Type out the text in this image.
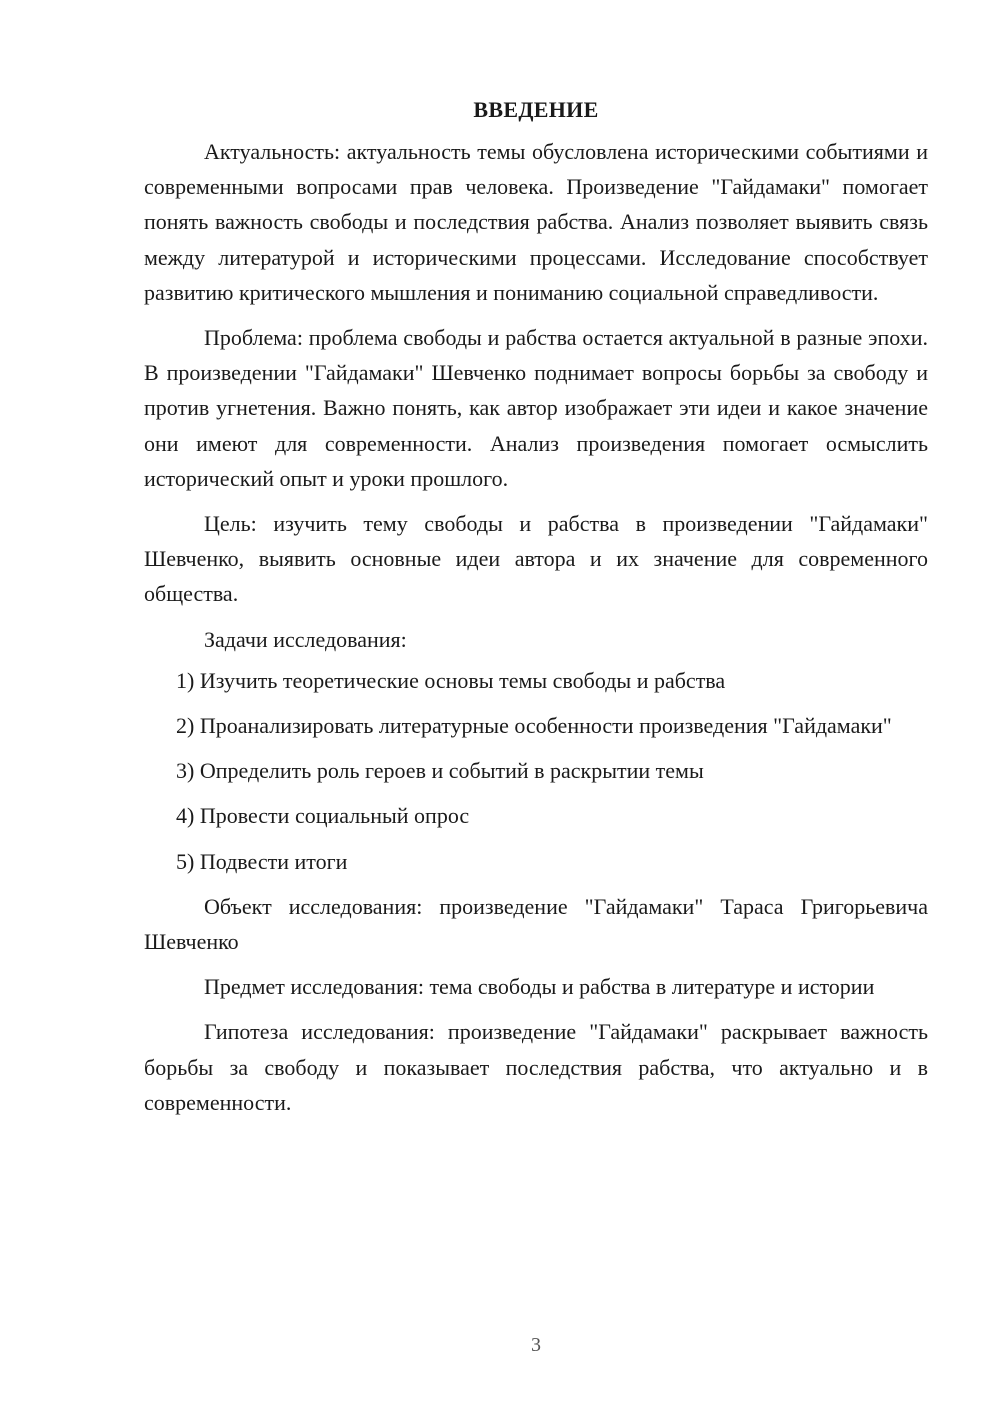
ВВЕДЕНИЕ

Актуальность: актуальность темы обусловлена историческими событиями и современными вопросами прав человека. Произведение "Гайдамаки" помогает понять важность свободы и последствия рабства. Анализ позволяет выявить связь между литературой и историческими процессами. Исследование способствует развитию критического мышления и пониманию социальной справедливости.

Проблема: проблема свободы и рабства остается актуальной в разные эпохи. В произведении "Гайдамаки" Шевченко поднимает вопросы борьбы за свободу и против угнетения. Важно понять, как автор изображает эти идеи и какое значение они имеют для современности. Анализ произведения помогает осмыслить исторический опыт и уроки прошлого.

Цель: изучить тему свободы и рабства в произведении "Гайдамаки" Шевченко, выявить основные идеи автора и их значение для современного общества.

Задачи исследования:

1) Изучить теоретические основы темы свободы и рабства

2) Проанализировать литературные особенности произведения "Гайдамаки"

3) Определить роль героев и событий в раскрытии темы

4) Провести социальный опрос

5) Подвести итоги

Объект исследования: произведение "Гайдамаки" Тараса Григорьевича Шевченко

Предмет исследования: тема свободы и рабства в литературе и истории

Гипотеза исследования: произведение "Гайдамаки" раскрывает важность борьбы за свободу и показывает последствия рабства, что актуально и в современности.

3
